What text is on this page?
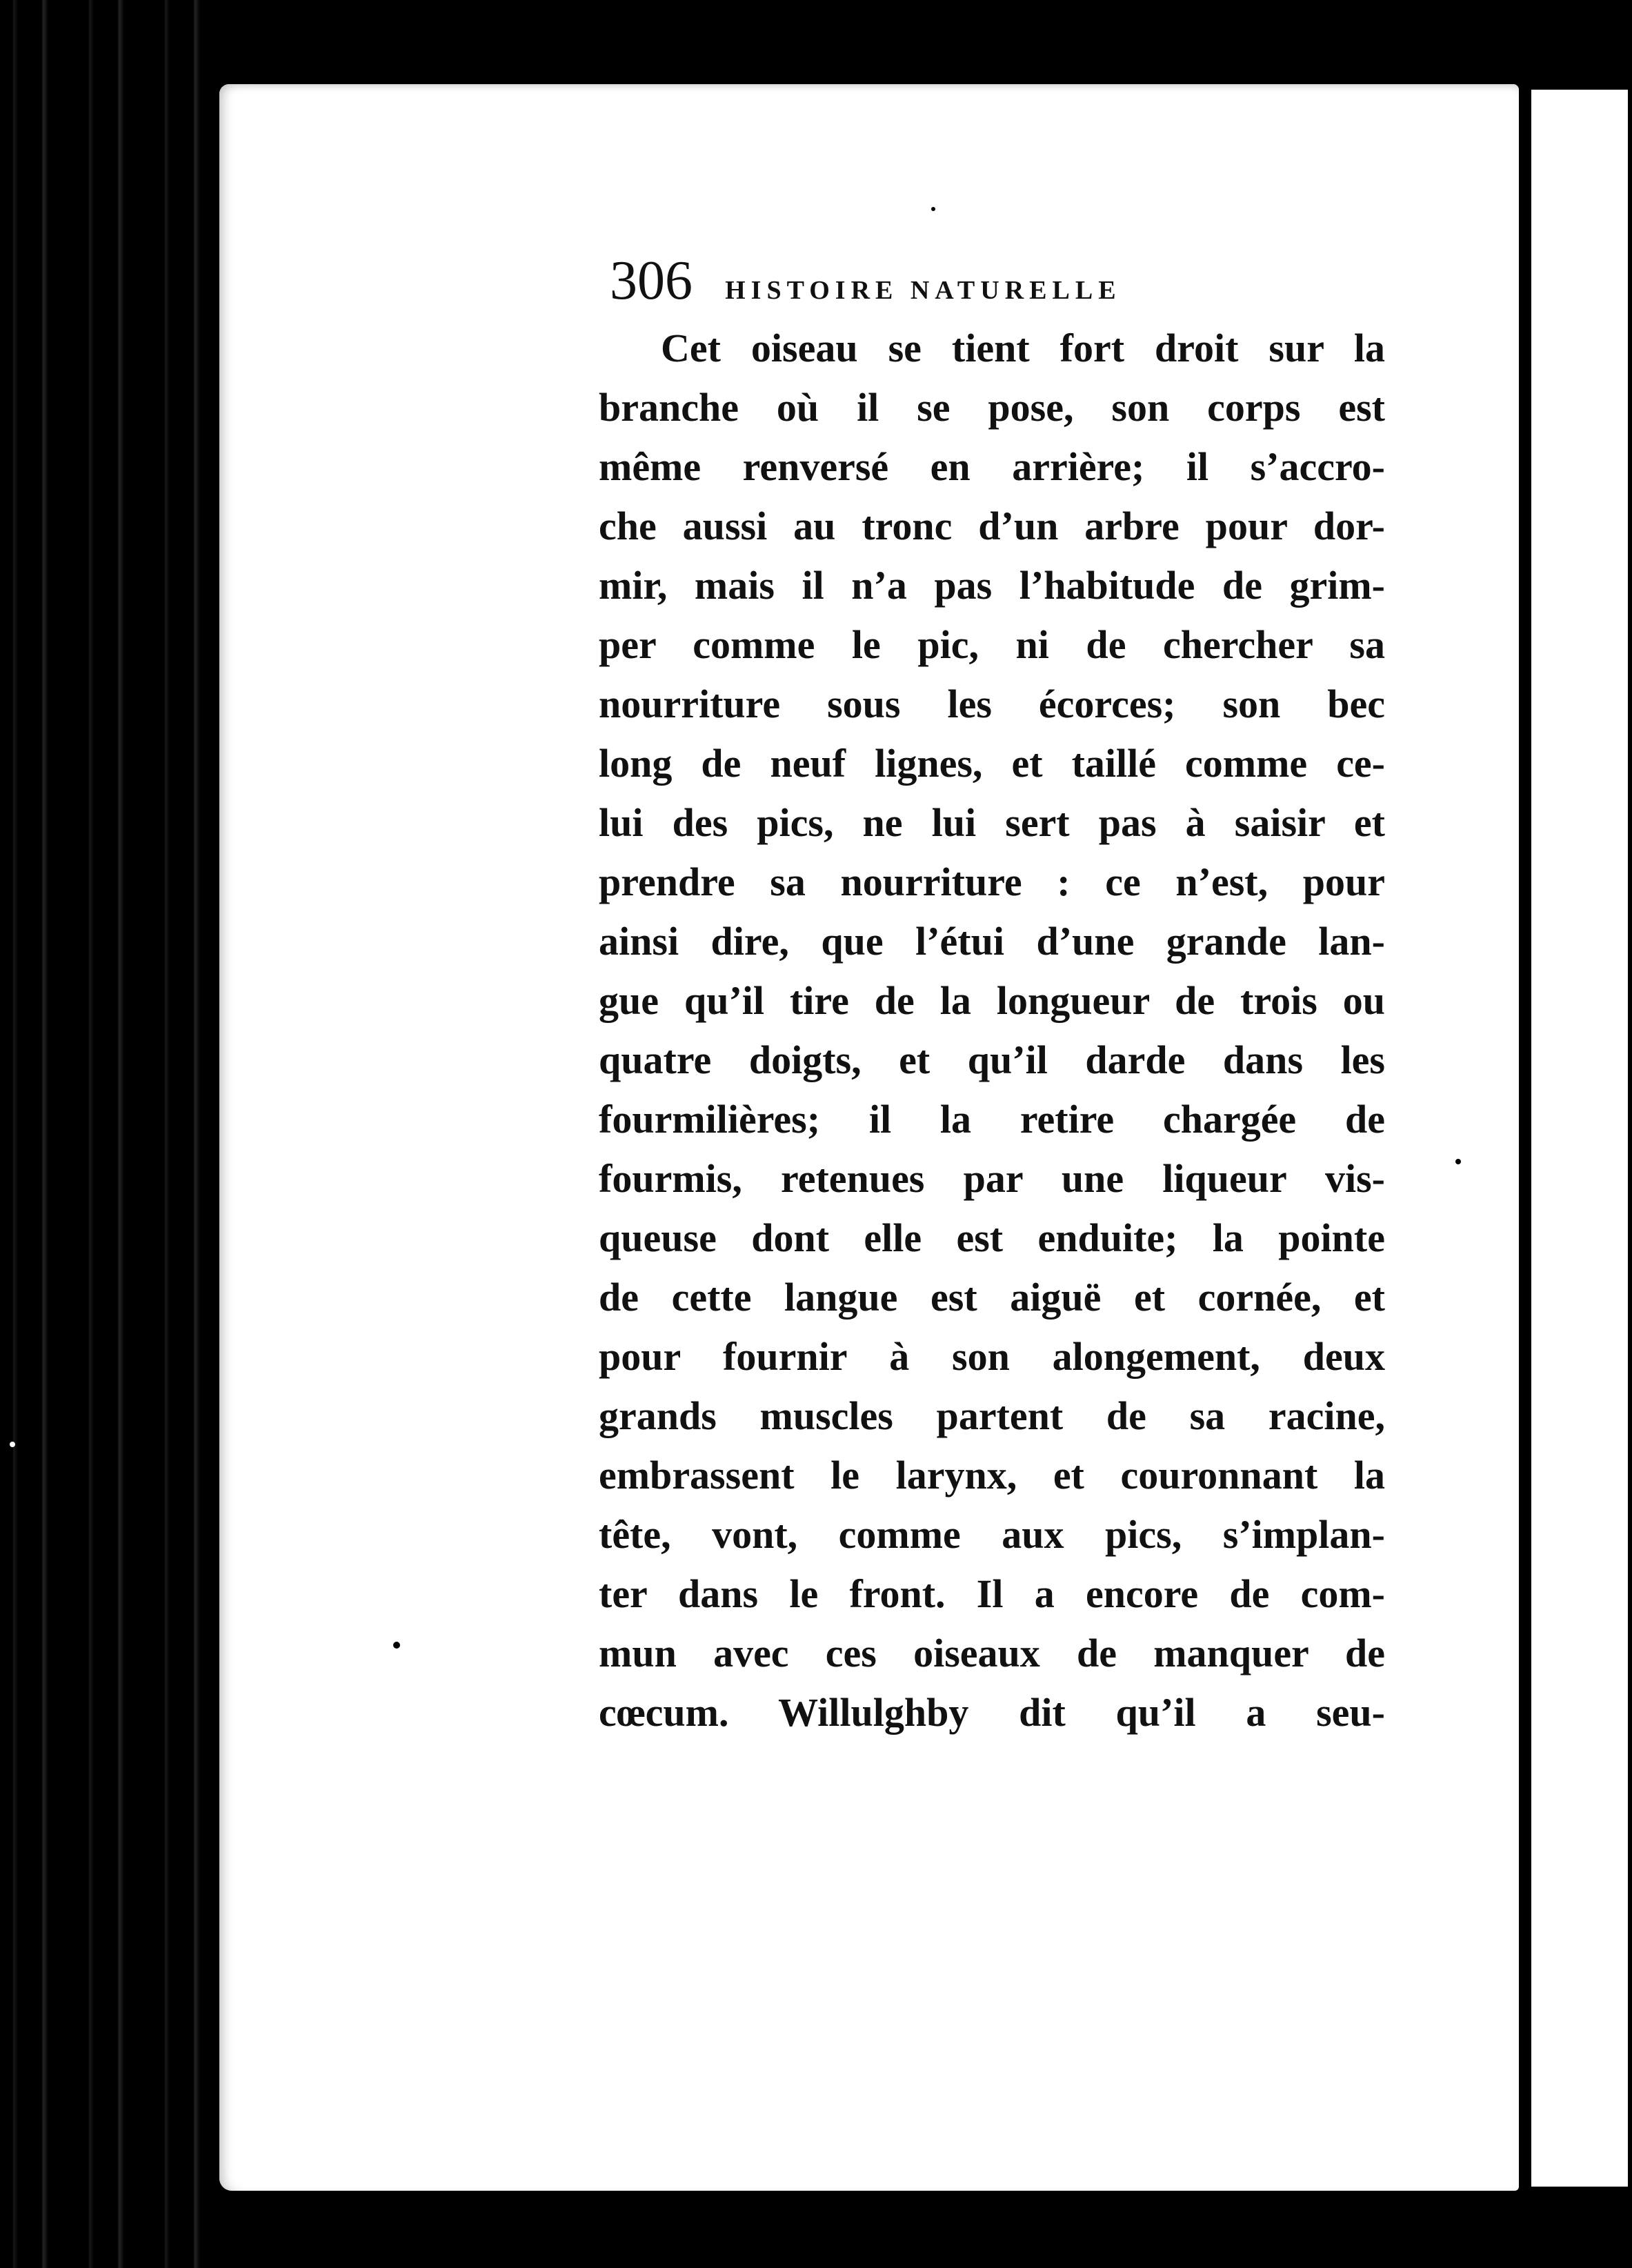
306 HISTOIRE NATURELLE
Cet oiseau se tient fort droit sur la
branche où il se pose, son corps est
même renversé en arrière; il s’accro-
che aussi au tronc d’un arbre pour dor-
mir, mais il n’a pas l’habitude de grim-
per comme le pic, ni de chercher sa
nourriture sous les écorces; son bec
long de neuf lignes, et taillé comme ce-
lui des pics, ne lui sert pas à saisir et
prendre sa nourriture : ce n’est, pour
ainsi dire, que l’étui d’une grande lan-
gue qu’il tire de la longueur de trois ou
quatre doigts, et qu’il darde dans les
fourmilières; il la retire chargée de
fourmis, retenues par une liqueur vis-
queuse dont elle est enduite; la pointe
de cette langue est aiguë et cornée, et
pour fournir à son alongement, deux
grands muscles partent de sa racine,
embrassent le larynx, et couronnant la
tête, vont, comme aux pics, s’implan-
ter dans le front. Il a encore de com-
mun avec ces oiseaux de manquer de
cœcum. Willulghby dit qu’il a seu-
